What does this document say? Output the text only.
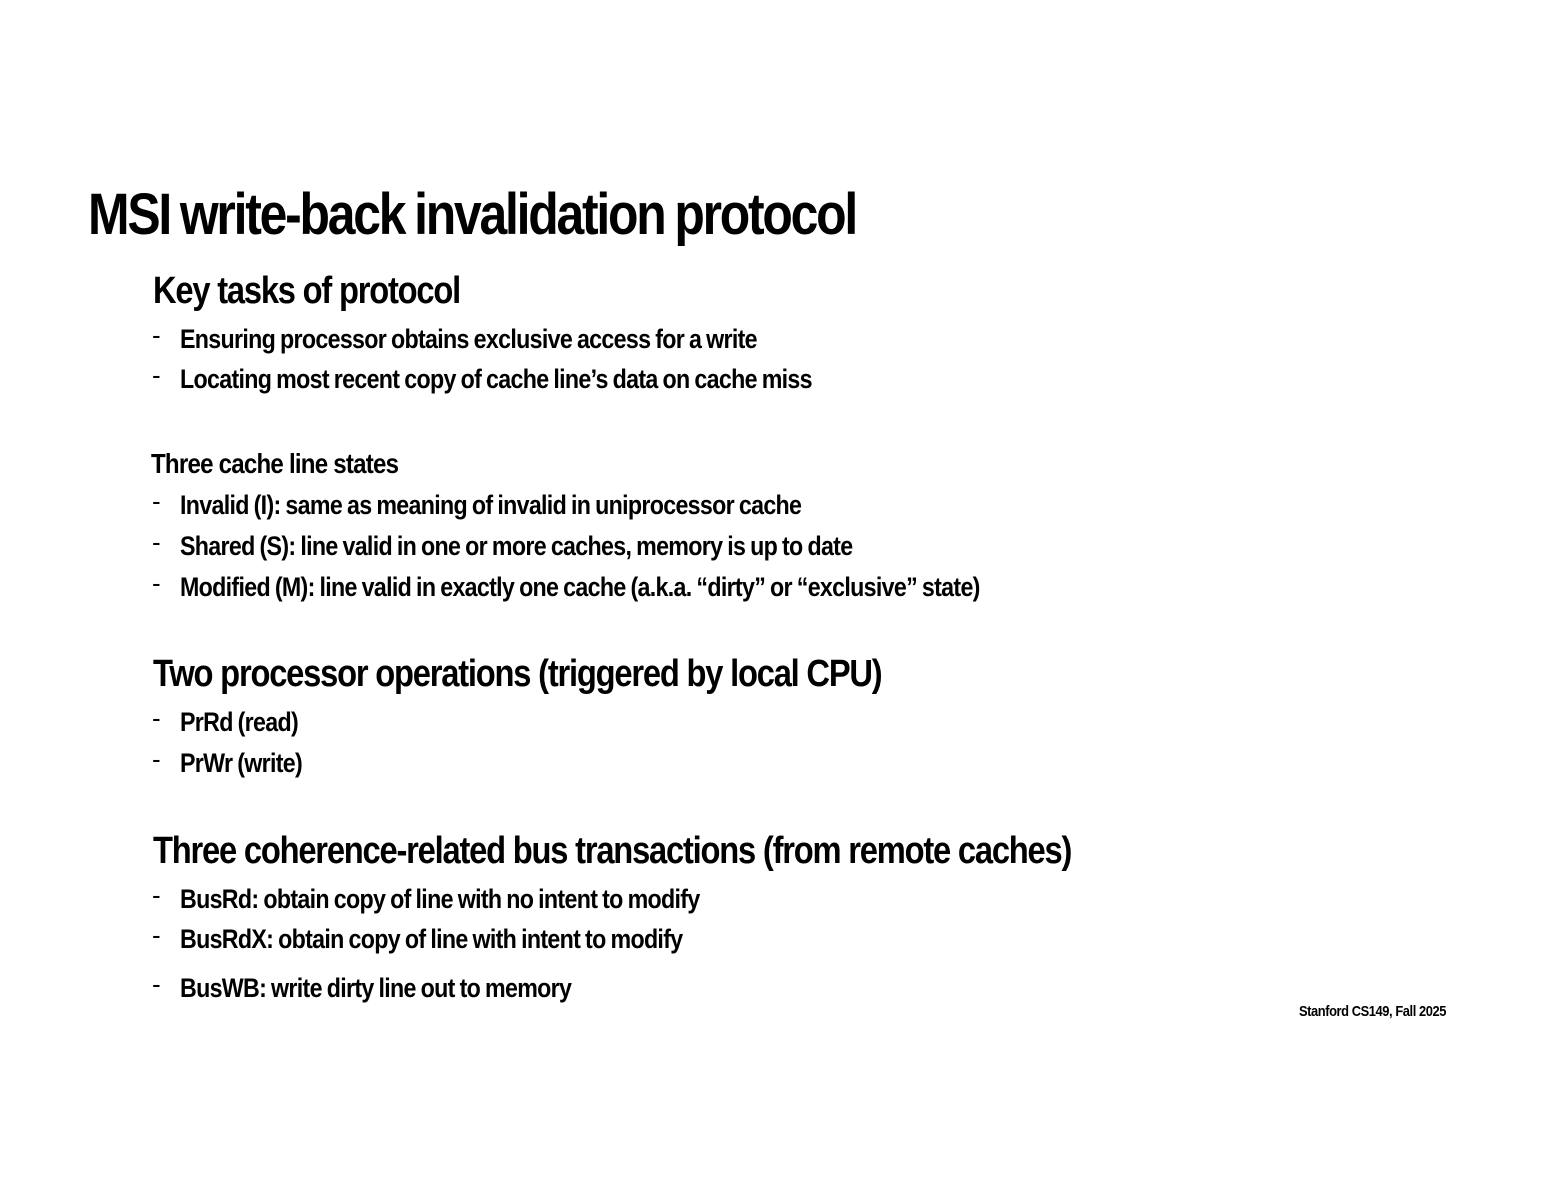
MSI write-back invalidation protocol
Key tasks of protocol
- Ensuring processor obtains exclusive access for a write
- Locating most recent copy of cache line’s data on cache miss
Three cache line states
- Invalid (I): same as meaning of invalid in uniprocessor cache
- Shared (S): line valid in one or more caches, memory is up to date
- Modified (M): line valid in exactly one cache (a.k.a. “dirty” or “exclusive” state)
Two processor operations (triggered by local CPU)
- PrRd (read)
- PrWr (write)
Three coherence-related bus transactions (from remote caches)
- BusRd: obtain copy of line with no intent to modify
- BusRdX: obtain copy of line with intent to modify
- BusWB: write dirty line out to memory
Stanford CS149, Fall 2025
